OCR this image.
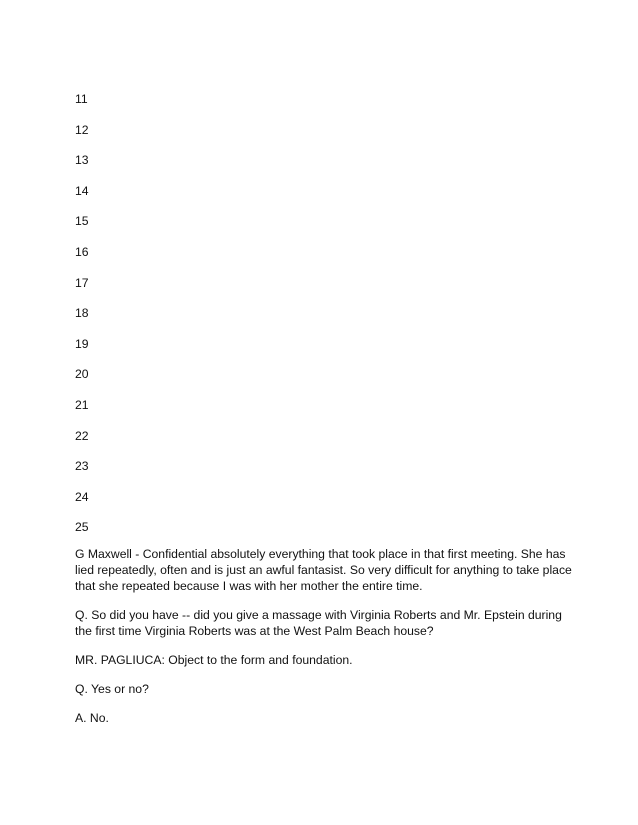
11
12
13
14
15
16
17
18
19
20
21
22
23
24
25

G Maxwell - Confidential absolutely everything that took place in that first meeting. She has lied repeatedly, often and is just an awful fantasist. So very difficult for anything to take place that she repeated because I was with her mother the entire time.

Q. So did you have -- did you give a massage with Virginia Roberts and Mr. Epstein during the first time Virginia Roberts was at the West Palm Beach house?

MR. PAGLIUCA: Object to the form and foundation.

Q. Yes or no?

A. No.
